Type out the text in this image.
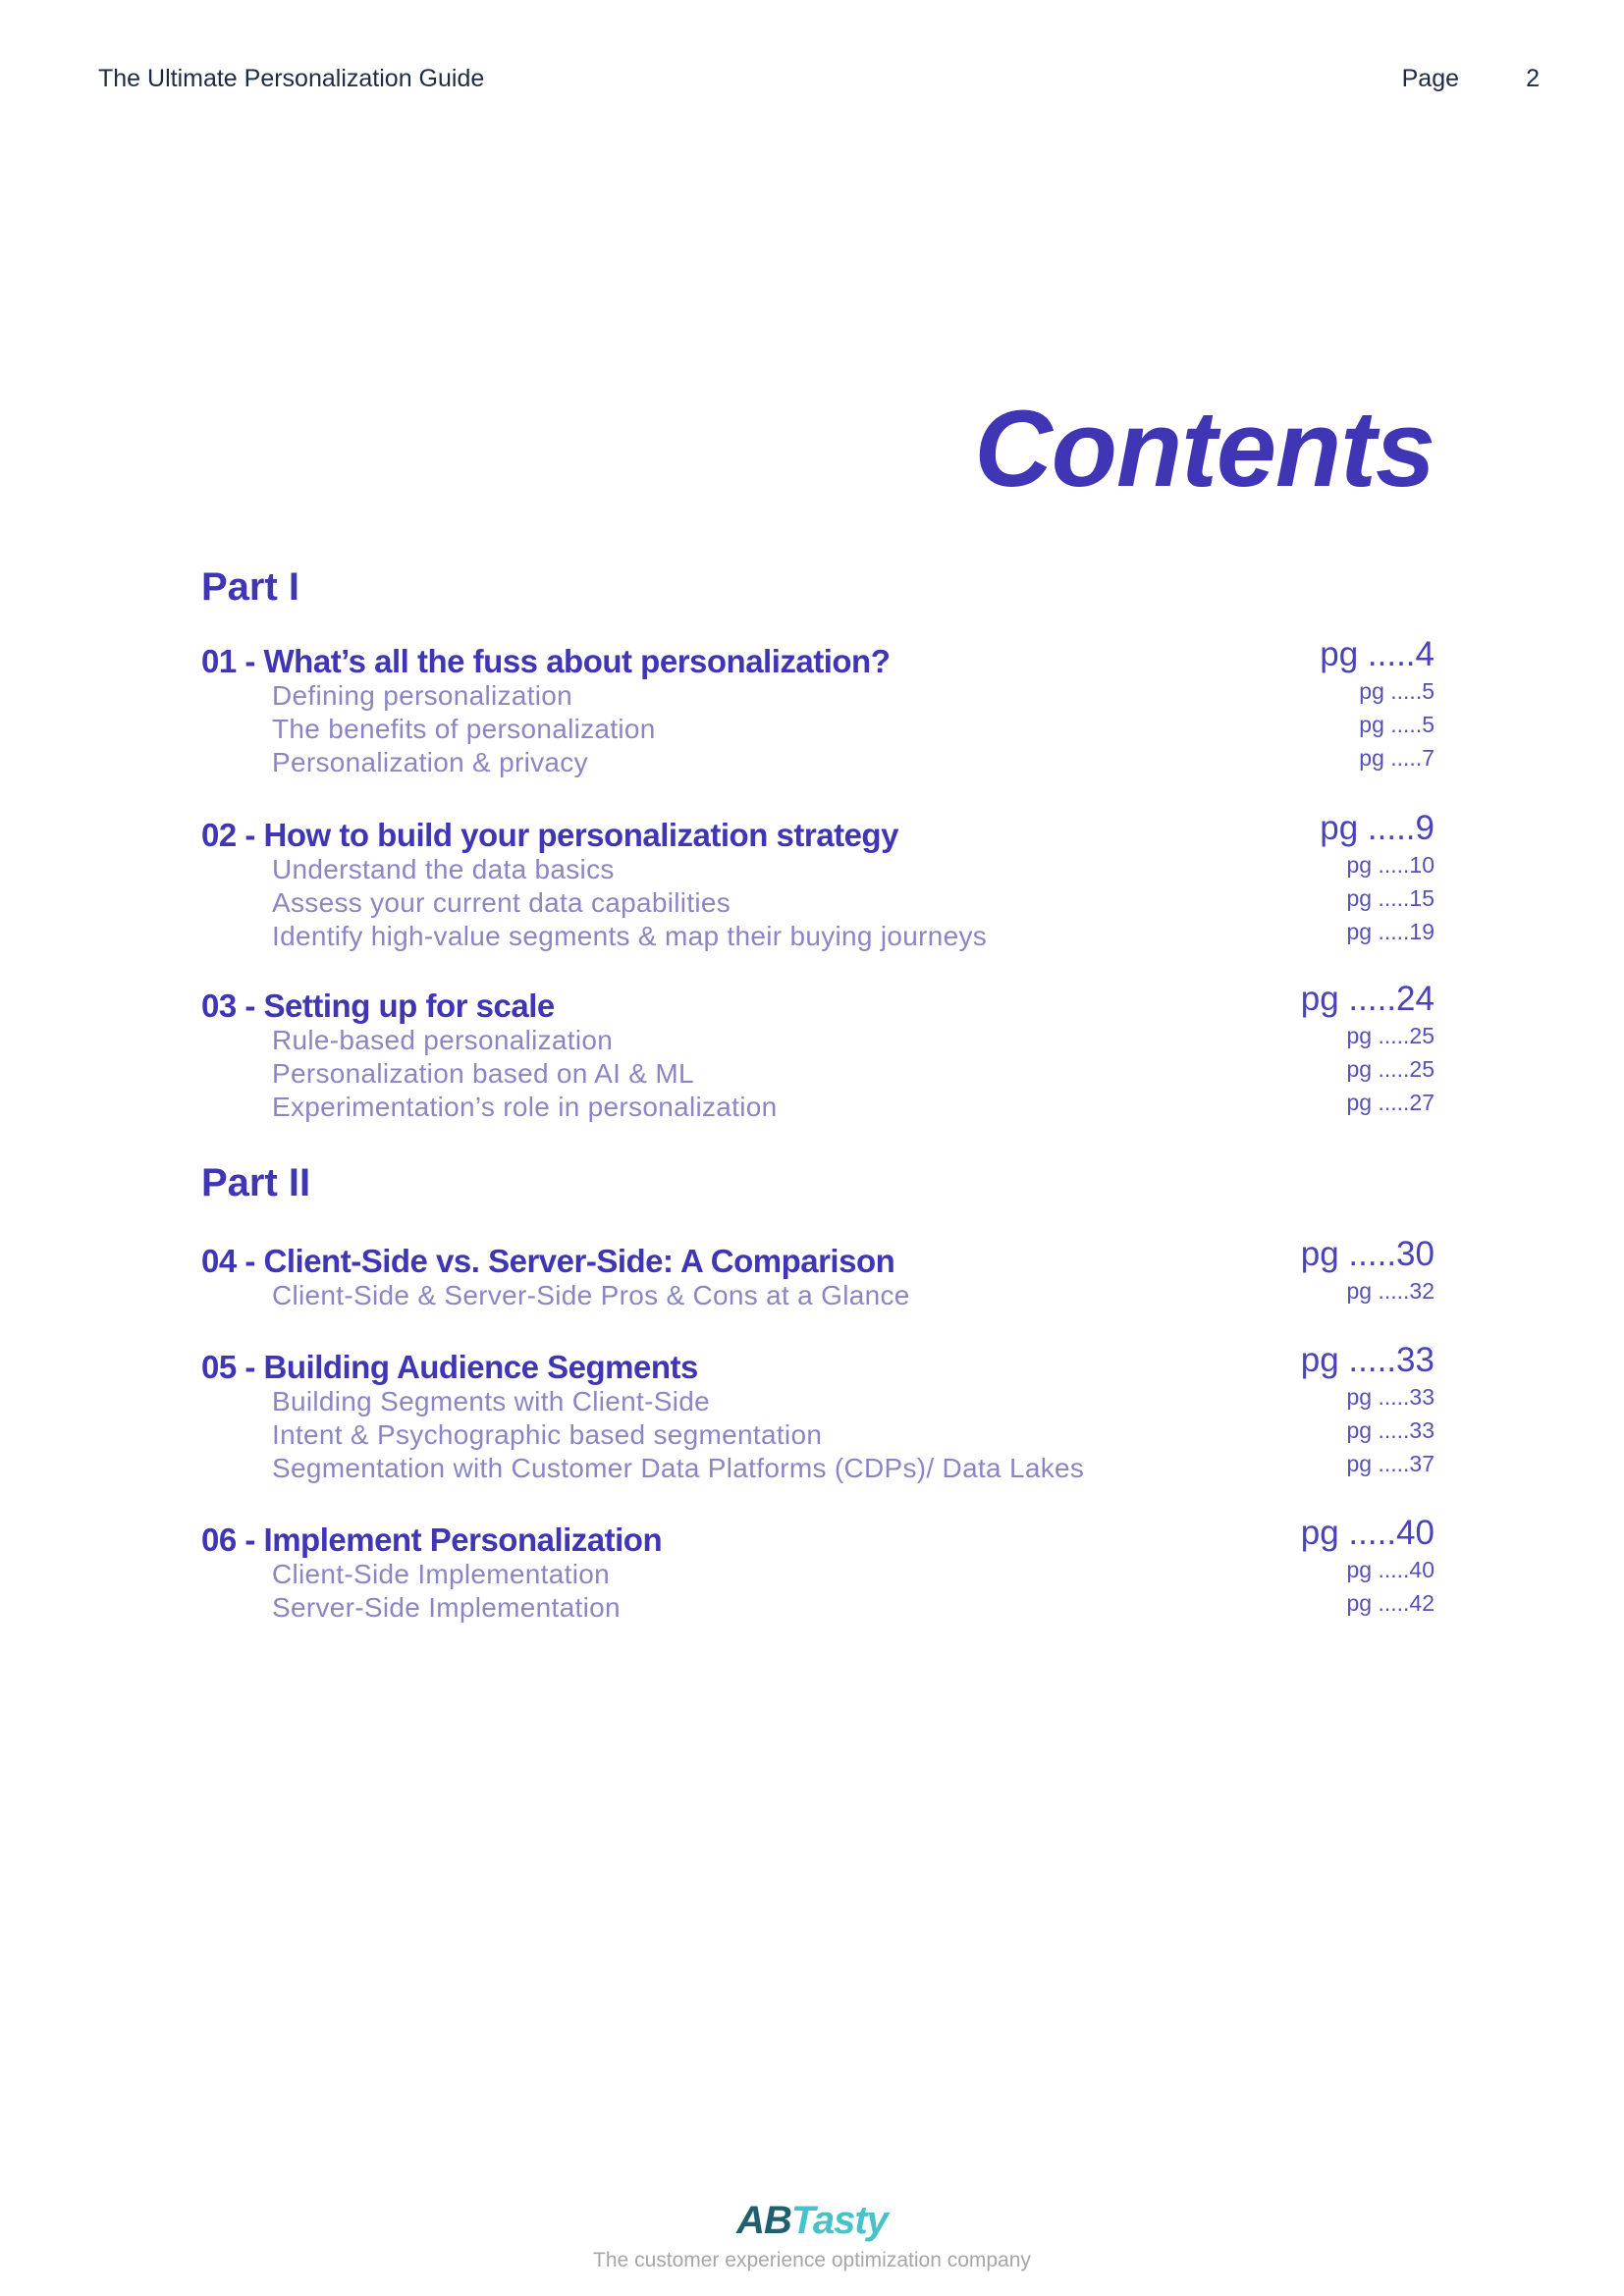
The Ultimate Personalization Guide	Page	2
Contents
Part I
01 - What’s all the fuss about personalization?	pg .....4
Defining personalization	pg .....5
The benefits of personalization	pg .....5
Personalization & privacy	pg .....7
02 - How to build your personalization strategy	pg .....9
Understand the data basics	pg .....10
Assess your current data capabilities	pg .....15
Identify high-value segments & map their buying journeys	pg .....19
03 - Setting up for scale	pg .....24
Rule-based personalization	pg .....25
Personalization based on AI & ML	pg .....25
Experimentation’s role in personalization	pg .....27
Part II
04 - Client-Side vs. Server-Side: A Comparison	pg .....30
Client-Side & Server-Side Pros & Cons at a Glance	pg .....32
05 - Building Audience Segments	pg .....33
Building Segments with Client-Side	pg .....33
Intent & Psychographic based segmentation	pg .....33
Segmentation with Customer Data Platforms (CDPs)/ Data Lakes	pg .....37
06 - Implement Personalization	pg .....40
Client-Side Implementation	pg .....40
Server-Side Implementation	pg .....42
ABTasty
The customer experience optimization company
